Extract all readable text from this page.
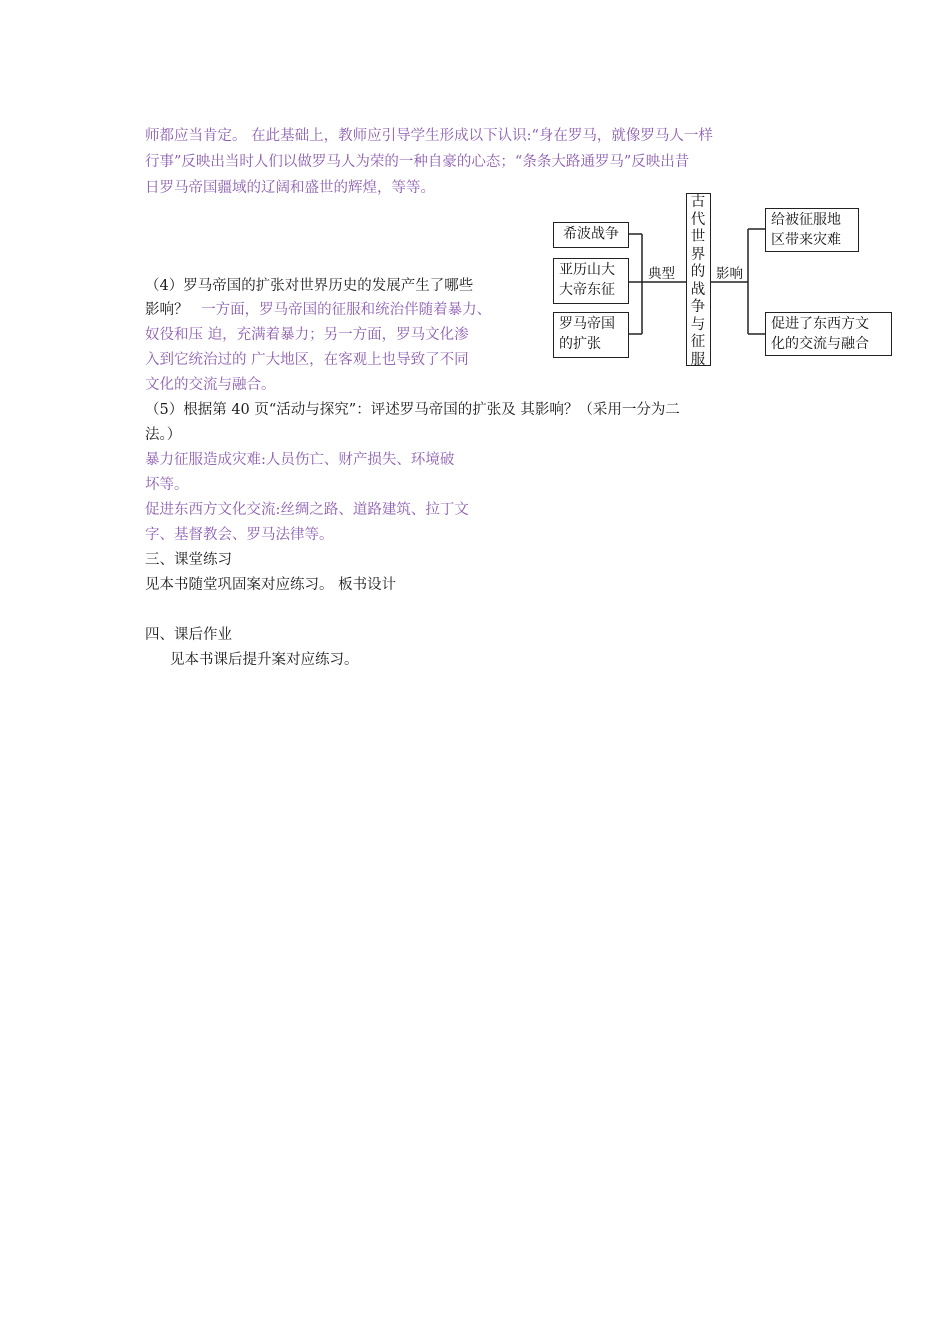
师都应当肯定。 在此基础上，教师应引导学生形成以下认识:“身在罗马，就像罗马人一样
行事”反映出当时人们以做罗马人为荣的一种自豪的心态；“条条大路通罗马”反映出昔
日罗马帝国疆域的辽阔和盛世的辉煌，等等。
（4）罗马帝国的扩张对世界历史的发展产生了哪些
影响？ 一方面，罗马帝国的征服和统治伴随着暴力、
奴役和压 迫，充满着暴力；另一方面，罗马文化渗
入到它统治过的 广大地区，在客观上也导致了不同
文化的交流与融合。
（5）根据第 40 页“活动与探究”：评述罗马帝国的扩张及 其影响？（采用一分为二
法。）
暴力征服造成灾难:人员伤亡、财产损失、环境破
坏等。
促进东西方文化交流:丝绸之路、道路建筑、拉丁文
字、基督教会、罗马法律等。
三、课堂练习
见本书随堂巩固案对应练习。 板书设计
四、课后作业
见本书课后提升案对应练习。
希波战争
亚历山大
大帝东征
罗马帝国
的扩张
典型
古
代
世
界
的
战
争
与
征
服
影响
给被征服地
区带来灾难
促进了东西方文
化的交流与融合
